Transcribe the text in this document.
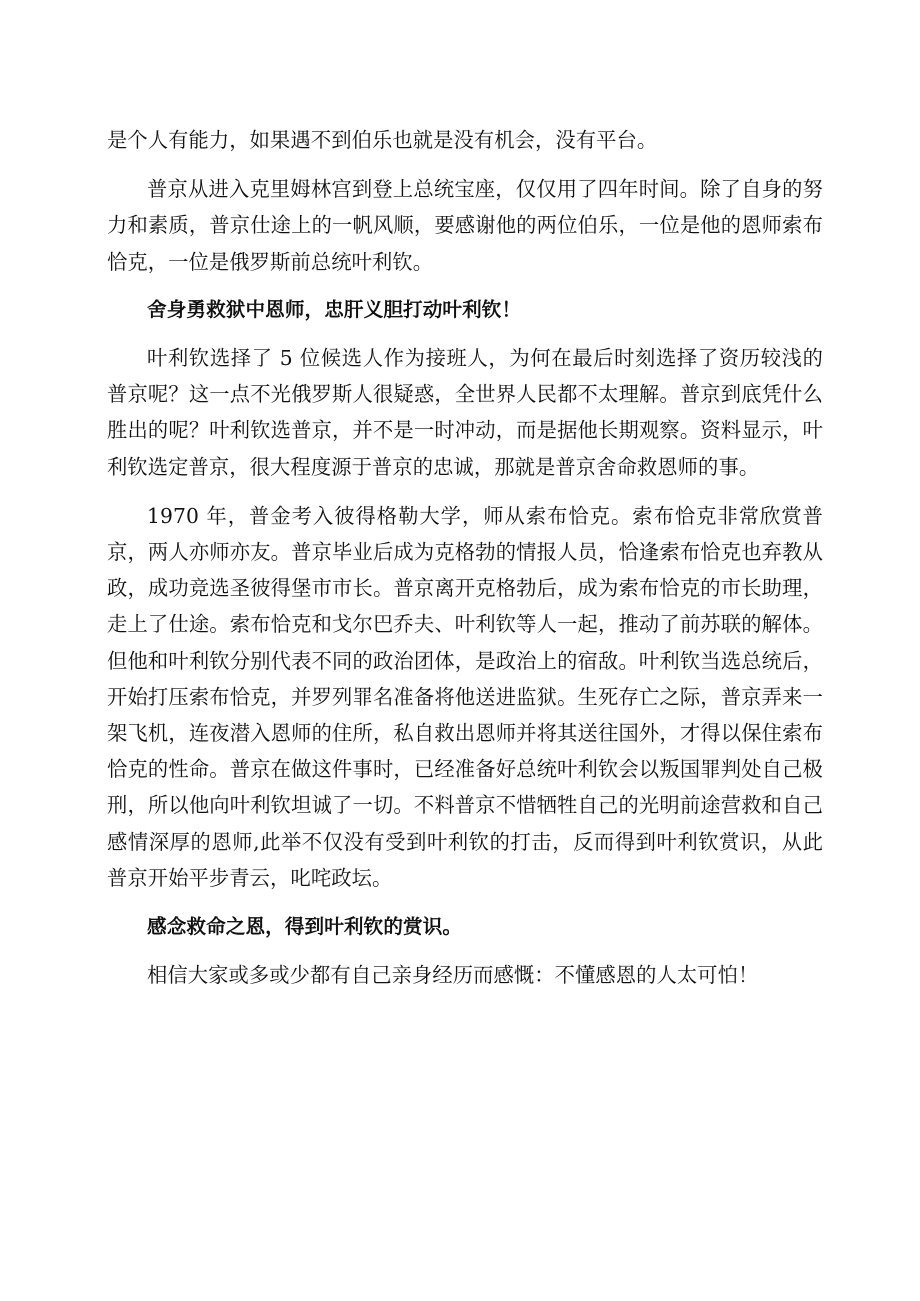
是个人有能力，如果遇不到伯乐也就是没有机会，没有平台。

普京从进入克里姆林宫到登上总统宝座，仅仅用了四年时间。除了自身的努力和素质，普京仕途上的一帆风顺，要感谢他的两位伯乐，一位是他的恩师索布恰克，一位是俄罗斯前总统叶利钦。

舍身勇救狱中恩师，忠肝义胆打动叶利钦！

叶利钦选择了 5 位候选人作为接班人，为何在最后时刻选择了资历较浅的普京呢？这一点不光俄罗斯人很疑惑，全世界人民都不太理解。普京到底凭什么胜出的呢？叶利钦选普京，并不是一时冲动，而是据他长期观察。资料显示，叶利钦选定普京，很大程度源于普京的忠诚，那就是普京舍命救恩师的事。

1970 年，普金考入彼得格勒大学，师从索布恰克。索布恰克非常欣赏普京，两人亦师亦友。普京毕业后成为克格勃的情报人员，恰逢索布恰克也弃教从政，成功竞选圣彼得堡市市长。普京离开克格勃后，成为索布恰克的市长助理，走上了仕途。索布恰克和戈尔巴乔夫、叶利钦等人一起，推动了前苏联的解体。但他和叶利钦分别代表不同的政治团体，是政治上的宿敌。叶利钦当选总统后，开始打压索布恰克，并罗列罪名准备将他送进监狱。生死存亡之际，普京弄来一架飞机，连夜潜入恩师的住所，私自救出恩师并将其送往国外，才得以保住索布恰克的性命。普京在做这件事时，已经准备好总统叶利钦会以叛国罪判处自己极刑，所以他向叶利钦坦诚了一切。不料普京不惜牺牲自己的光明前途营救和自己感情深厚的恩师,此举不仅没有受到叶利钦的打击，反而得到叶利钦赏识，从此普京开始平步青云，叱咤政坛。

感念救命之恩，得到叶利钦的赏识。

相信大家或多或少都有自己亲身经历而感慨：不懂感恩的人太可怕！
